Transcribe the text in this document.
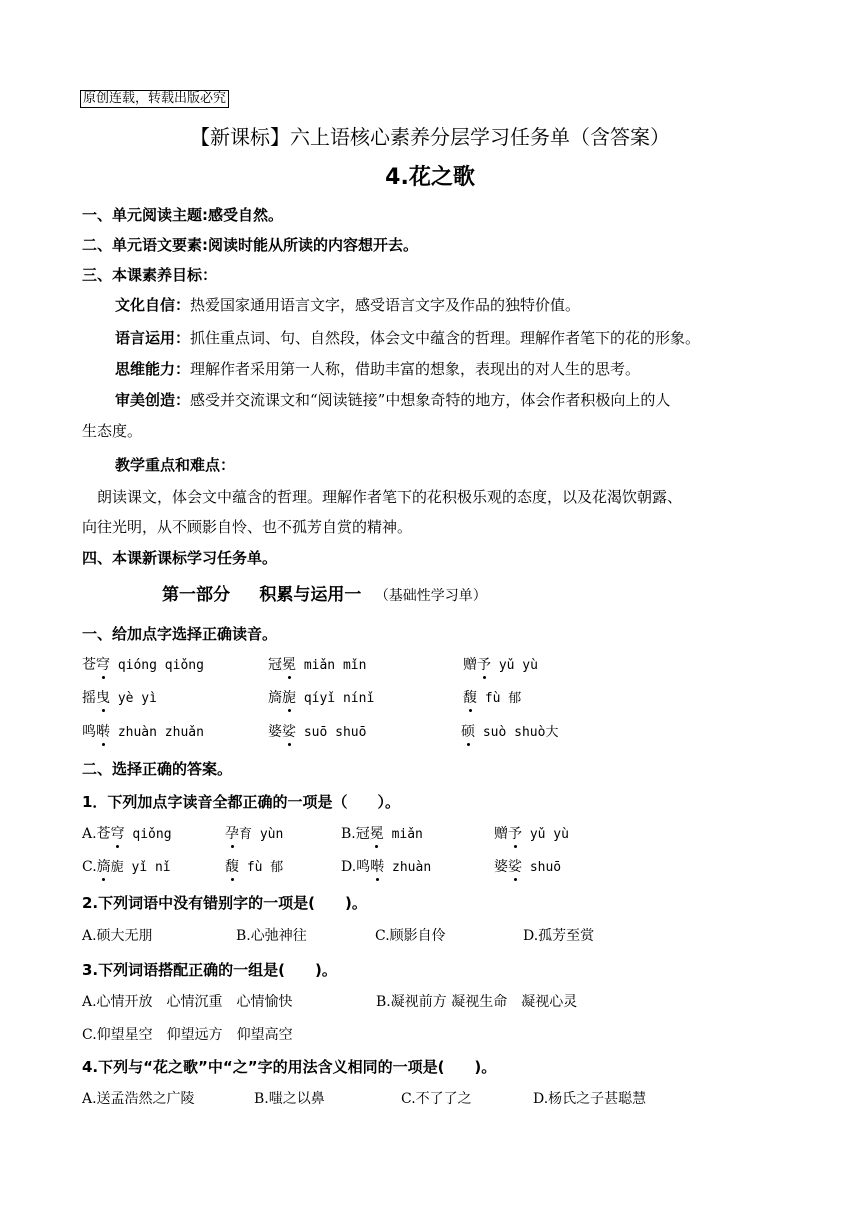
原创连载，转载出版必究
【新课标】六上语核心素养分层学习任务单（含答案）
4.花之歌
一、单元阅读主题:感受自然。
二、单元语文要素:阅读时能从所读的内容想开去。
三、本课素养目标：
文化自信：热爱国家通用语言文字，感受语言文字及作品的独特价值。
语言运用：抓住重点词、句、自然段，体会文中蕴含的哲理。理解作者笔下的花的形象。
思维能力：理解作者采用第一人称，借助丰富的想象，表现出的对人生的思考。
审美创造：感受并交流课文和“阅读链接”中想象奇特的地方，体会作者积极向上的人
生态度。
教学重点和难点：
朗读课文，体会文中蕴含的哲理。理解作者笔下的花积极乐观的态度，以及花渴饮朝露、
向往光明，从不顾影自怜、也不孤芳自赏的精神。
四、本课新课标学习任务单。
第一部分 积累与运用一 （基础性学习单）
一、给加点字选择正确读音。
苍穹 qióng qiǒng	冠冕 miǎn mǐn	赠予 yǔ yù
摇曳 yè yì	旖旎 qíyǐ nínǐ	馥 fù 郁
鸣啭 zhuàn zhuǎn	婆娑 suō shuō	硕 suò shuò大
二、选择正确的答案。
1．下列加点字读音全都正确的一项是（　　）。
A.苍穹 qiǒng	孕育 yùn	B.冠冕 miǎn	赠予 yǔ yù
C.旖旎 yǐ nǐ	馥 fù 郁	D.鸣啭 zhuàn	婆娑 shuō
2.下列词语中没有错别字的一项是(　　)。
A.硕大无朋	B.心弛神往	C.顾影自伶	D.孤芳至赏
3.下列词语搭配正确的一组是(　　)。
A.心情开放　心情沉重　心情愉快	B.凝视前方 凝视生命　凝视心灵
C.仰望星空　仰望远方　仰望高空
4.下列与“花之歌”中“之”字的用法含义相同的一项是(　　)。
A.送孟浩然之广陵	B.嗤之以鼻	C.不了了之	D.杨氏之子甚聪慧
